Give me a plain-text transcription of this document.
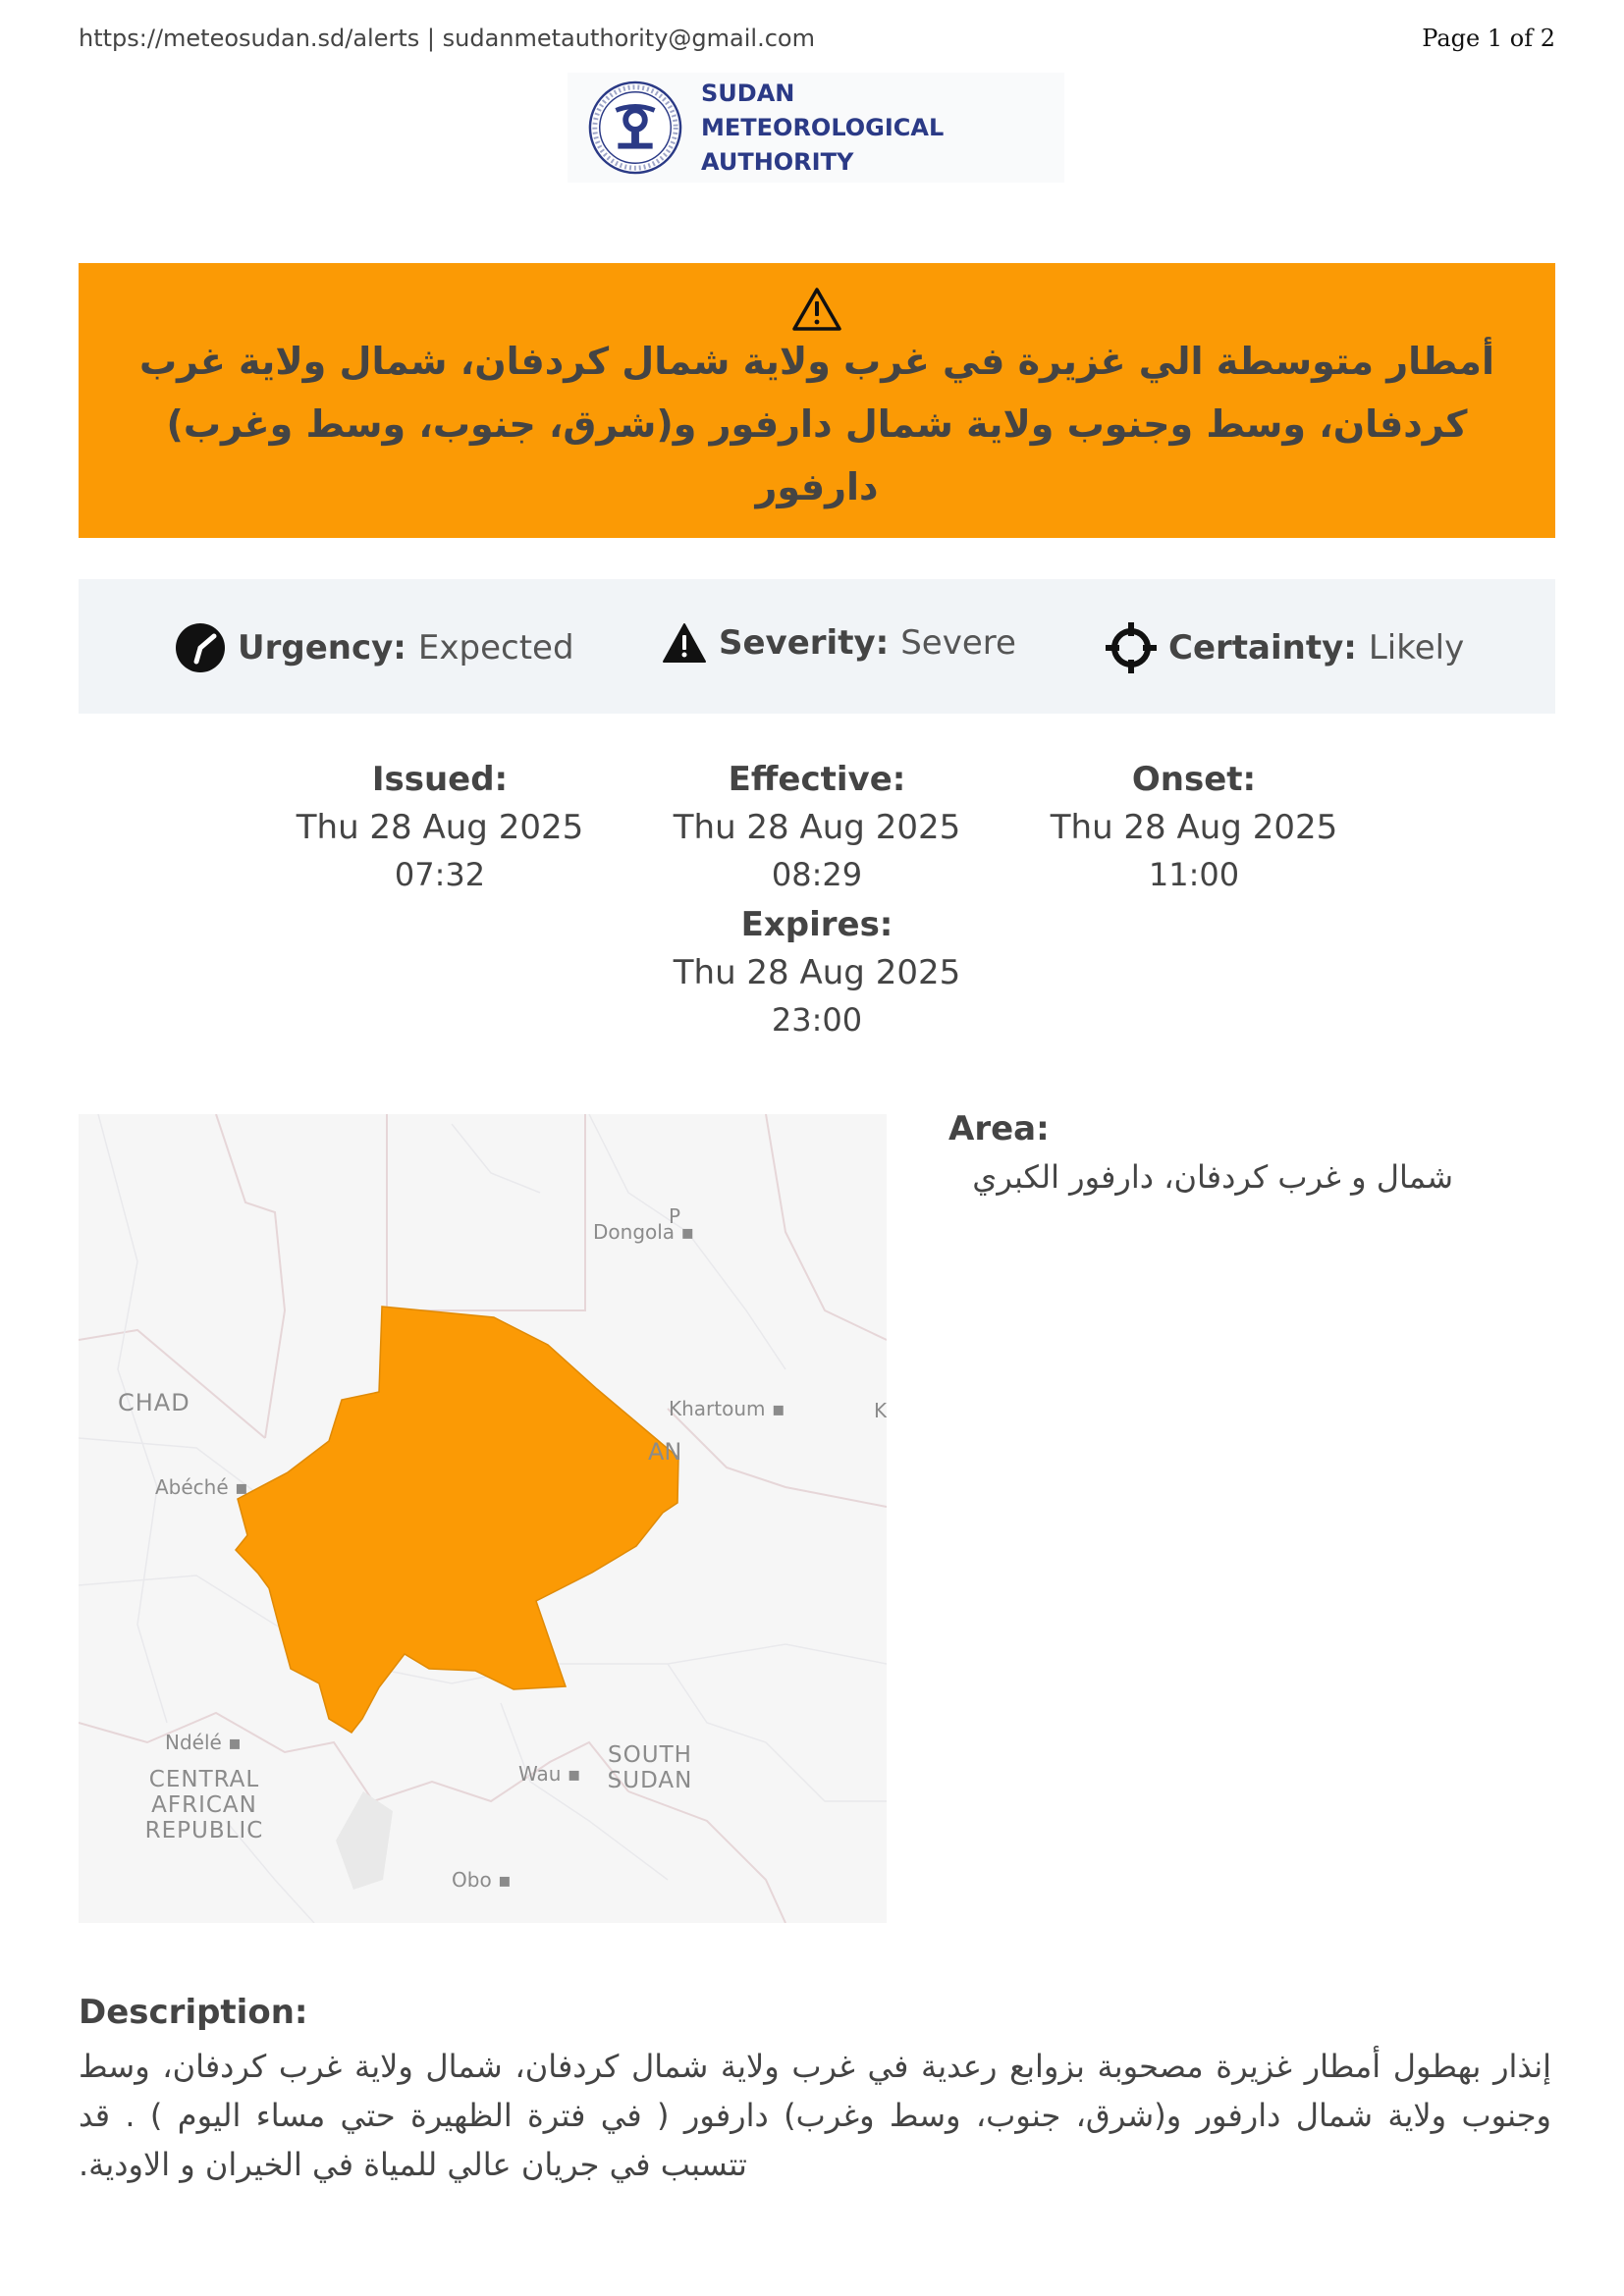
https://meteosudan.sd/alerts | sudanmetauthority@gmail.com	Page 1 of 2
SUDAN
METEOROLOGICAL
AUTHORITY
أمطار متوسطة الي غزيرة في غرب ولاية شمال كردفان، شمال ولاية غرب كردفان، وسط وجنوب ولاية شمال دارفور و(شرق، جنوب، وسط وغرب) دارفور
Urgency: Expected	Severity: Severe	Certainty: Likely
Issued:
Thu 28 Aug 2025
07:32
Effective:
Thu 28 Aug 2025
08:29
Onset:
Thu 28 Aug 2025
11:00
Expires:
Thu 28 Aug 2025
23:00
Dongola ▪
P
Khartoum ▪	K
CHAD
AN
Abéché ▪
Ndélé ▪
CENTRAL
AFRICAN
REPUBLIC
Wau ▪
SOUTH
SUDAN
Obo ▪
Area:
شمال و غرب كردفان، دارفور الكبري
Description:
إنذار بهطول أمطار غزيرة مصحوبة بزوابع رعدية في غرب ولاية شمال كردفان، شمال ولاية غرب كردفان، وسط وجنوب ولاية شمال دارفور و(شرق، جنوب، وسط وغرب) دارفور ( في فترة الظهيرة حتي مساء اليوم ) . قد تتسبب في جريان عالي للمياة في الخيران و الاودية.
